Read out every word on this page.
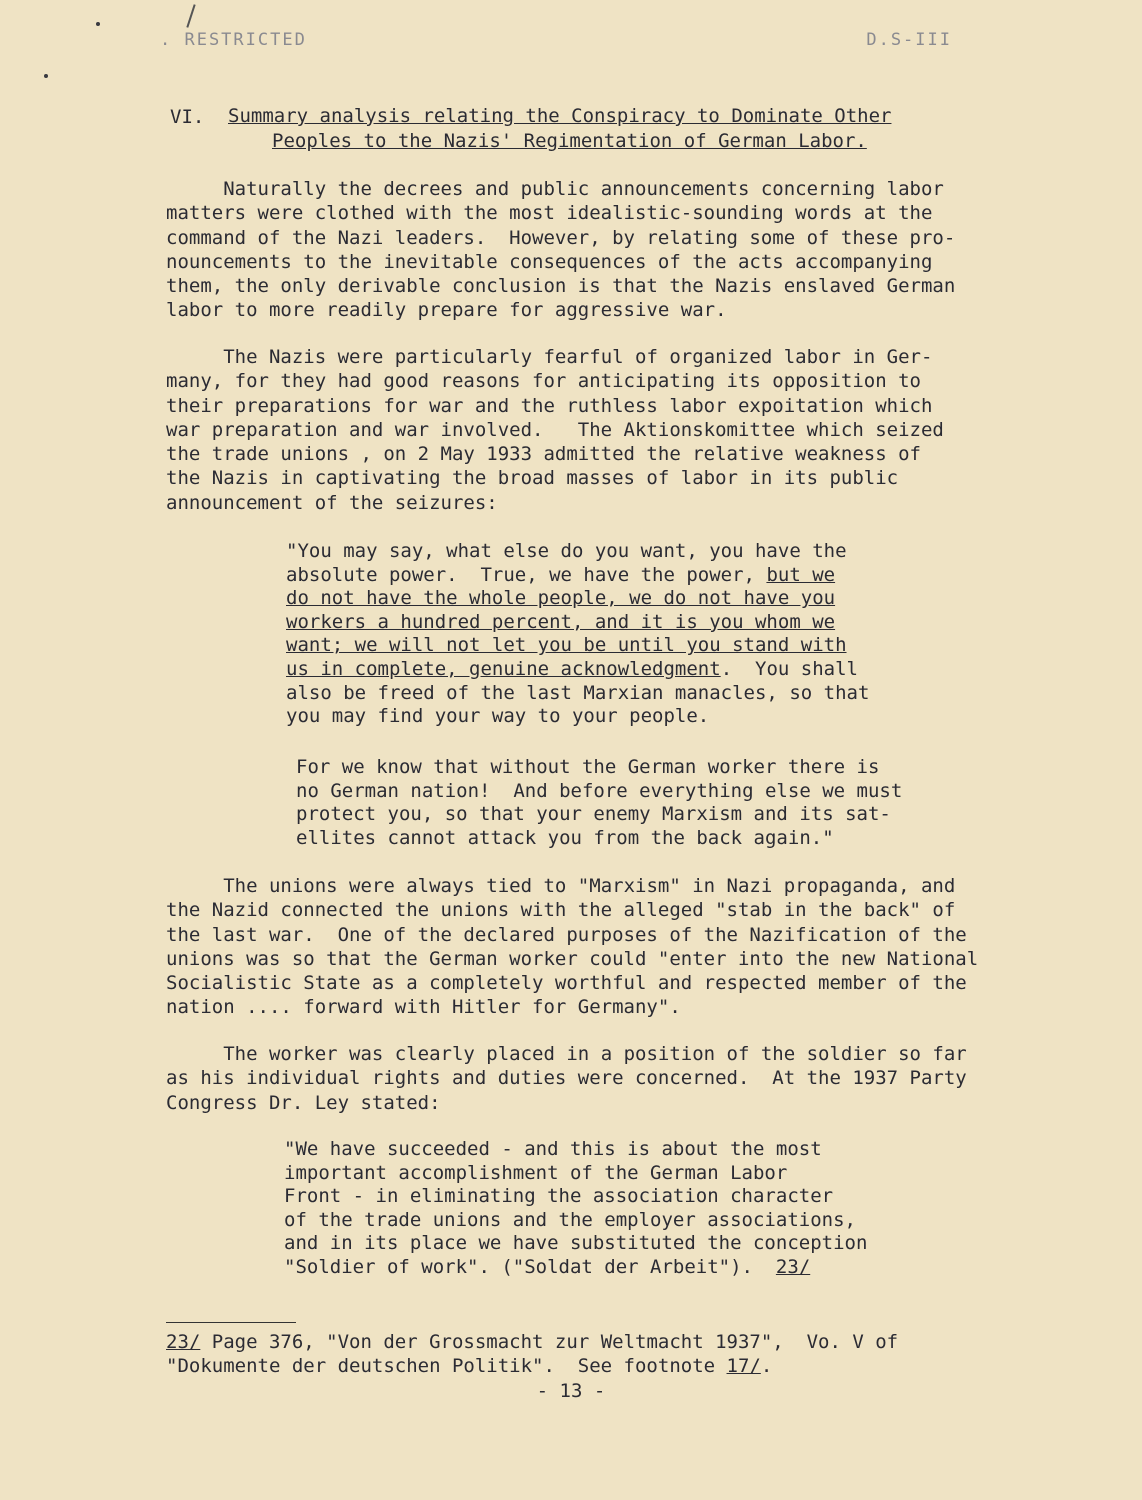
. RESTRICTED	D.S-III
VI. Summary analysis relating the Conspiracy to Dominate Other
Peoples to the Nazis' Regimentation of German Labor.
Naturally the decrees and public announcements concerning labor
matters were clothed with the most idealistic-sounding words at the
command of the Nazi leaders.  However, by relating some of these pro-
nouncements to the inevitable consequences of the acts accompanying
them, the only derivable conclusion is that the Nazis enslaved German
labor to more readily prepare for aggressive war.
The Nazis were particularly fearful of organized labor in Ger-
many, for they had good reasons for anticipating its opposition to
their preparations for war and the ruthless labor expoitation which
war preparation and war involved.   The Aktionskomittee which seized
the trade unions , on 2 May 1933 admitted the relative weakness of
the Nazis in captivating the broad masses of labor in its public
announcement of the seizures:
"You may say, what else do you want, you have the
absolute power.  True, we have the power, but we
do not have the whole people, we do not have you
workers a hundred percent, and it is you whom we
want; we will not let you be until you stand with
us in complete, genuine acknowledgment.  You shall
also be freed of the last Marxian manacles, so that
you may find your way to your people.
For we know that without the German worker there is
no German nation!  And before everything else we must
protect you, so that your enemy Marxism and its sat-
ellites cannot attack you from the back again."
The unions were always tied to "Marxism" in Nazi propaganda, and
the Nazid connected the unions with the alleged "stab in the back" of
the last war.  One of the declared purposes of the Nazification of the
unions was so that the German worker could "enter into the new National
Socialistic State as a completely worthful and respected member of the
nation .... forward with Hitler for Germany".
The worker was clearly placed in a position of the soldier so far
as his individual rights and duties were concerned.  At the 1937 Party
Congress Dr. Ley stated:
"We have succeeded - and this is about the most
important accomplishment of the German Labor
Front - in eliminating the association character
of the trade unions and the employer associations,
and in its place we have substituted the conception
"Soldier of work". ("Soldat der Arbeit").  23/
23/ Page 376, "Von der Grossmacht zur Weltmacht 1937",  Vo. V of
"Dokumente der deutschen Politik".  See footnote 17/.
- 13 -
